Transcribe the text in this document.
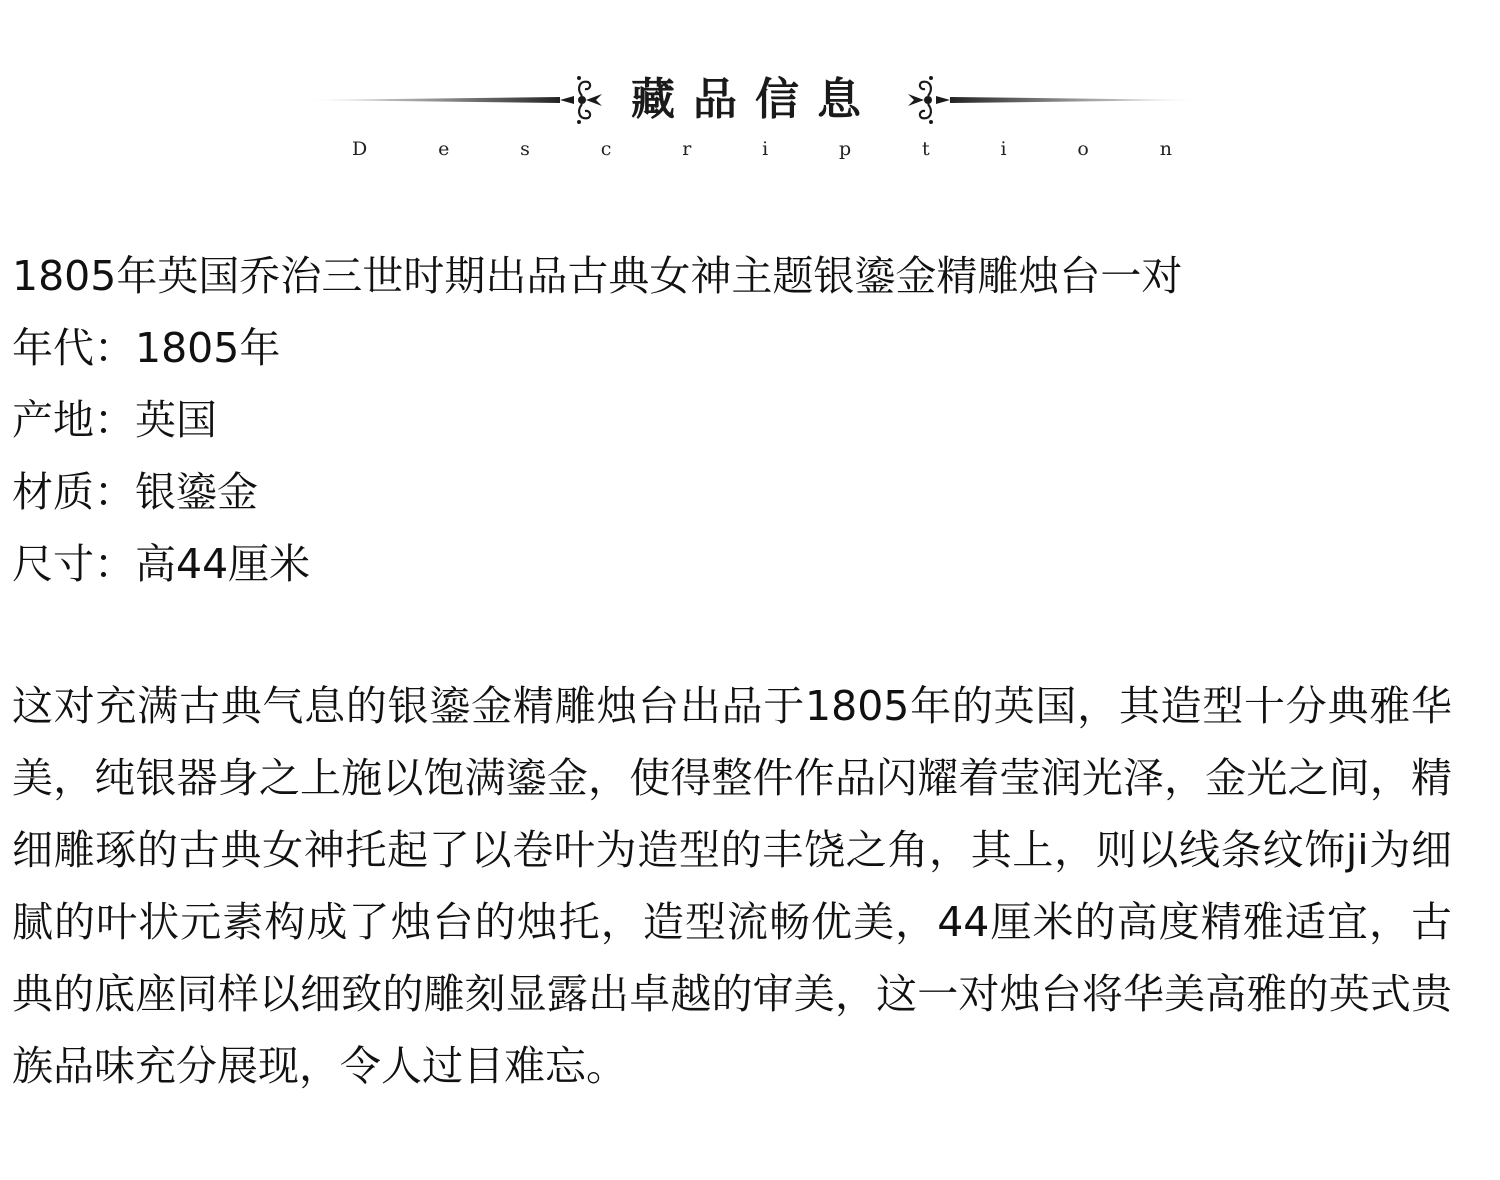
藏品信息
D	e	s	c	r	i	p	t	i	o	n
1805年英国乔治三世时期出品古典女神主题银鎏金精雕烛台一对
年代：1805年
产地：英国
材质：银鎏金
尺寸：高44厘米
这对充满古典气息的银鎏金精雕烛台出品于1805年的英国，其造型十分典雅华美，纯银器身之上施以饱满鎏金，使得整件作品闪耀着莹润光泽，金光之间，精细雕琢的古典女神托起了以卷叶为造型的丰饶之角，其上，则以线条纹饰ji为细腻的叶状元素构成了烛台的烛托，造型流畅优美，44厘米的高度精雅适宜，古典的底座同样以细致的雕刻显露出卓越的审美，这一对烛台将华美高雅的英式贵族品味充分展现，令人过目难忘。
